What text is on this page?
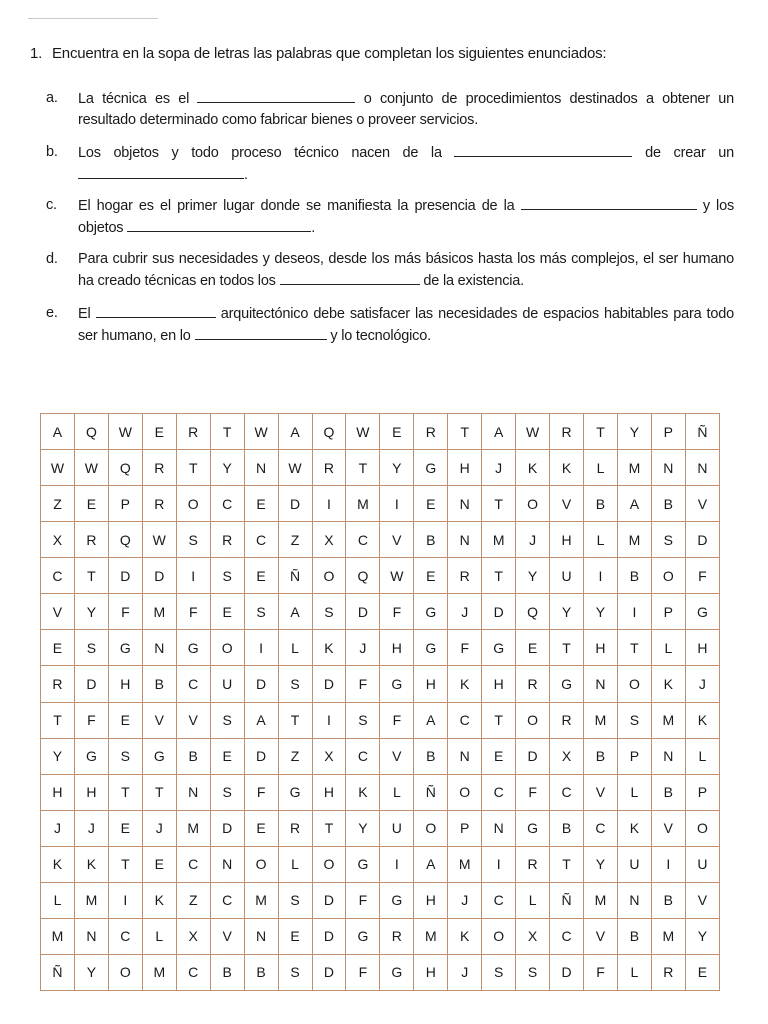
1. Encuentra en la sopa de letras las palabras que completan los siguientes enunciados:
a.	La técnica es el	o conjunto de procedimientos destinados a obtener un resultado determinado como fabricar bienes o proveer servicios.
b.	Los objetos y todo proceso técnico nacen de la	de crear un .
c.	El hogar es el primer lugar donde se manifiesta la presencia de la	y los objetos	.
d.	Para cubrir sus necesidades y deseos, desde los más básicos hasta los más complejos, el ser humano ha creado técnicas en todos los	de la existencia.
e.	El	arquitectónico debe satisfacer las necesidades de espacios habitables para todo ser humano, en lo	y lo tecnológico.
A	Q	W	E	R	T	W	A	Q	W	E	R	T	A	W	R	T	Y	P	Ñ
W	W	Q	R	T	Y	N	W	R	T	Y	G	H	J	K	K	L	M	N	N
Z	E	P	R	O	C	E	D	I	M	I	E	N	T	O	V	B	A	B	V
X	R	Q	W	S	R	C	Z	X	C	V	B	N	M	J	H	L	M	S	D
C	T	D	D	I	S	E	Ñ	O	Q	W	E	R	T	Y	U	I	B	O	F
V	Y	F	M	F	E	S	A	S	D	F	G	J	D	Q	Y	Y	I	P	G
E	S	G	N	G	O	I	L	K	J	H	G	F	G	E	T	H	T	L	H
R	D	H	B	C	U	D	S	D	F	G	H	K	H	R	G	N	O	K	J
T	F	E	V	V	S	A	T	I	S	F	A	C	T	O	R	M	S	M	K
Y	G	S	G	B	E	D	Z	X	C	V	B	N	E	D	X	B	P	N	L
H	H	T	T	N	S	F	G	H	K	L	Ñ	O	C	F	C	V	L	B	P
J	J	E	J	M	D	E	R	T	Y	U	O	P	N	G	B	C	K	V	O
K	K	T	E	C	N	O	L	O	G	I	A	M	I	R	T	Y	U	I	U
L	M	I	K	Z	C	M	S	D	F	G	H	J	C	L	Ñ	M	N	B	V
M	N	C	L	X	V	N	E	D	G	R	M	K	O	X	C	V	B	M	Y
Ñ	Y	O	M	C	B	B	S	D	F	G	H	J	S	S	D	F	L	R	E
